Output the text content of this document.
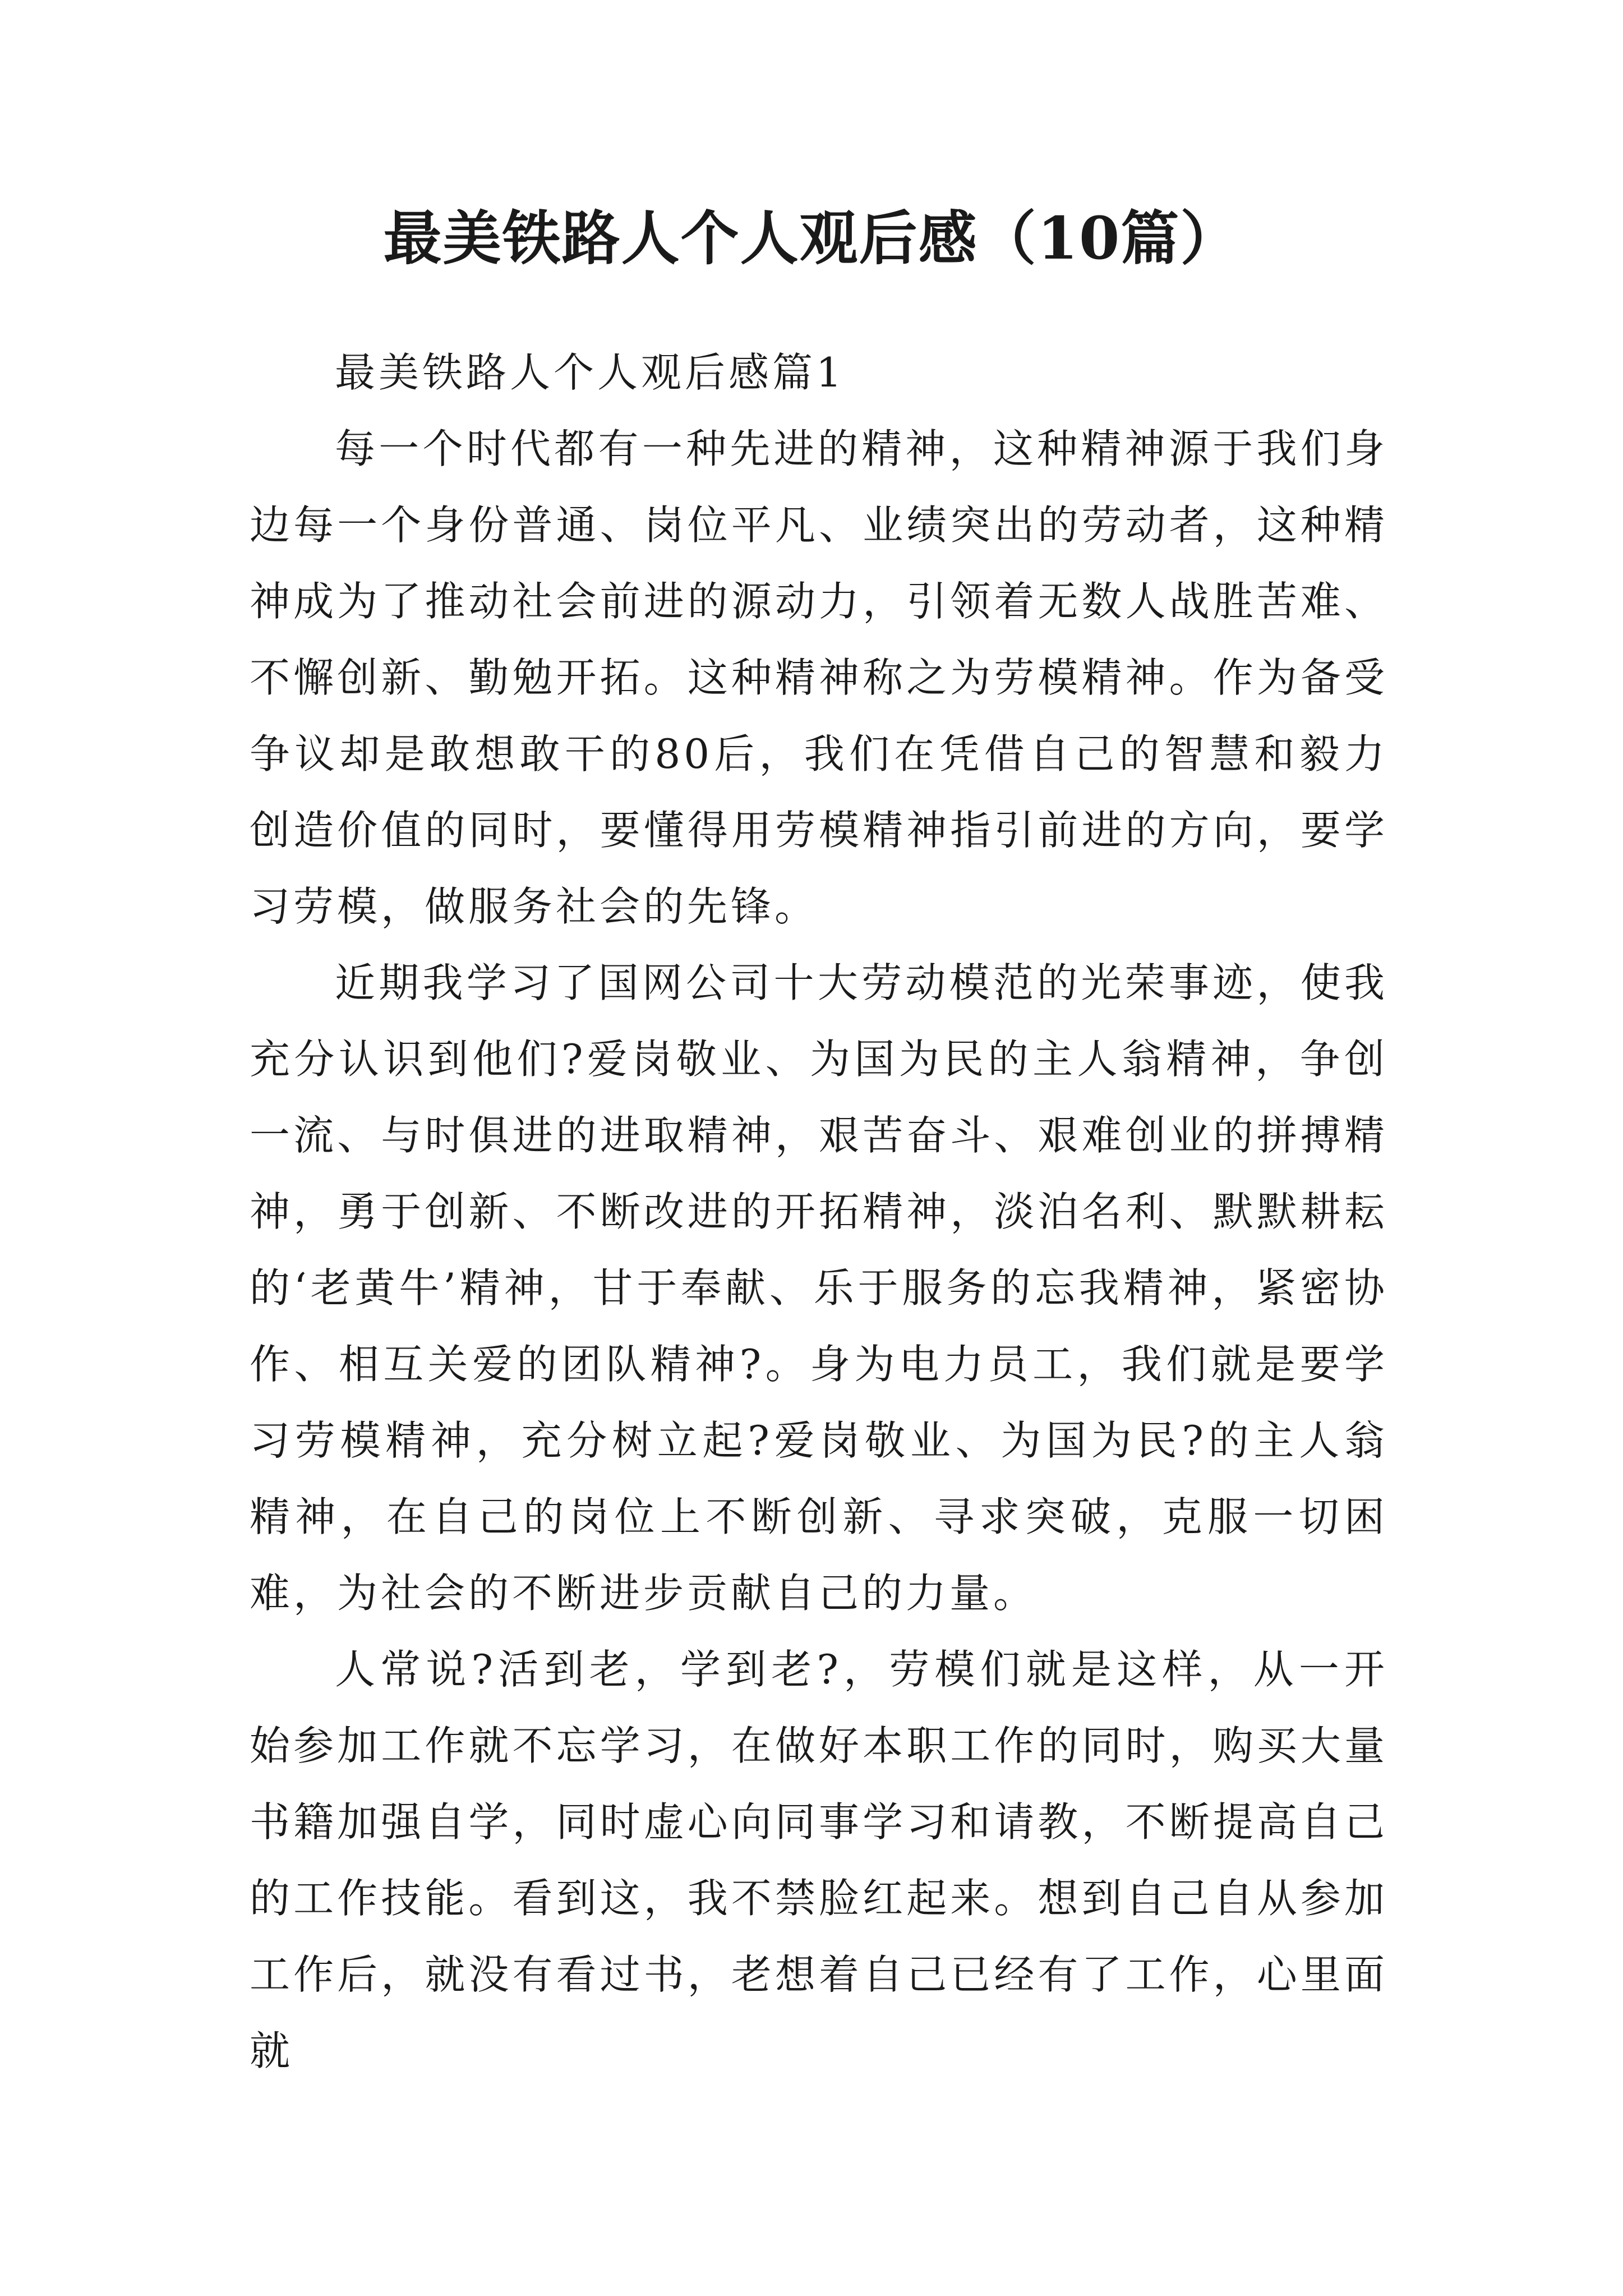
最美铁路人个人观后感（10篇）

最美铁路人个人观后感篇1

每一个时代都有一种先进的精神，这种精神源于我们身边每一个身份普通、岗位平凡、业绩突出的劳动者，这种精神成为了推动社会前进的源动力，引领着无数人战胜苦难、不懈创新、勤勉开拓。这种精神称之为劳模精神。作为备受争议却是敢想敢干的80后，我们在凭借自己的智慧和毅力创造价值的同时，要懂得用劳模精神指引前进的方向，要学习劳模，做服务社会的先锋。

近期我学习了国网公司十大劳动模范的光荣事迹，使我充分认识到他们?爱岗敬业、为国为民的主人翁精神，争创一流、与时俱进的进取精神，艰苦奋斗、艰难创业的拼搏精神，勇于创新、不断改进的开拓精神，淡泊名利、默默耕耘的‘老黄牛’精神，甘于奉献、乐于服务的忘我精神，紧密协作、相互关爱的团队精神?。身为电力员工，我们就是要学习劳模精神，充分树立起?爱岗敬业、为国为民?的主人翁精神，在自己的岗位上不断创新、寻求突破，克服一切困难，为社会的不断进步贡献自己的力量。

人常说?活到老，学到老?，劳模们就是这样，从一开始参加工作就不忘学习，在做好本职工作的同时，购买大量书籍加强自学，同时虚心向同事学习和请教，不断提高自己的工作技能。看到这，我不禁脸红起来。想到自己自从参加工作后，就没有看过书，老想着自己已经有了工作，心里面就
